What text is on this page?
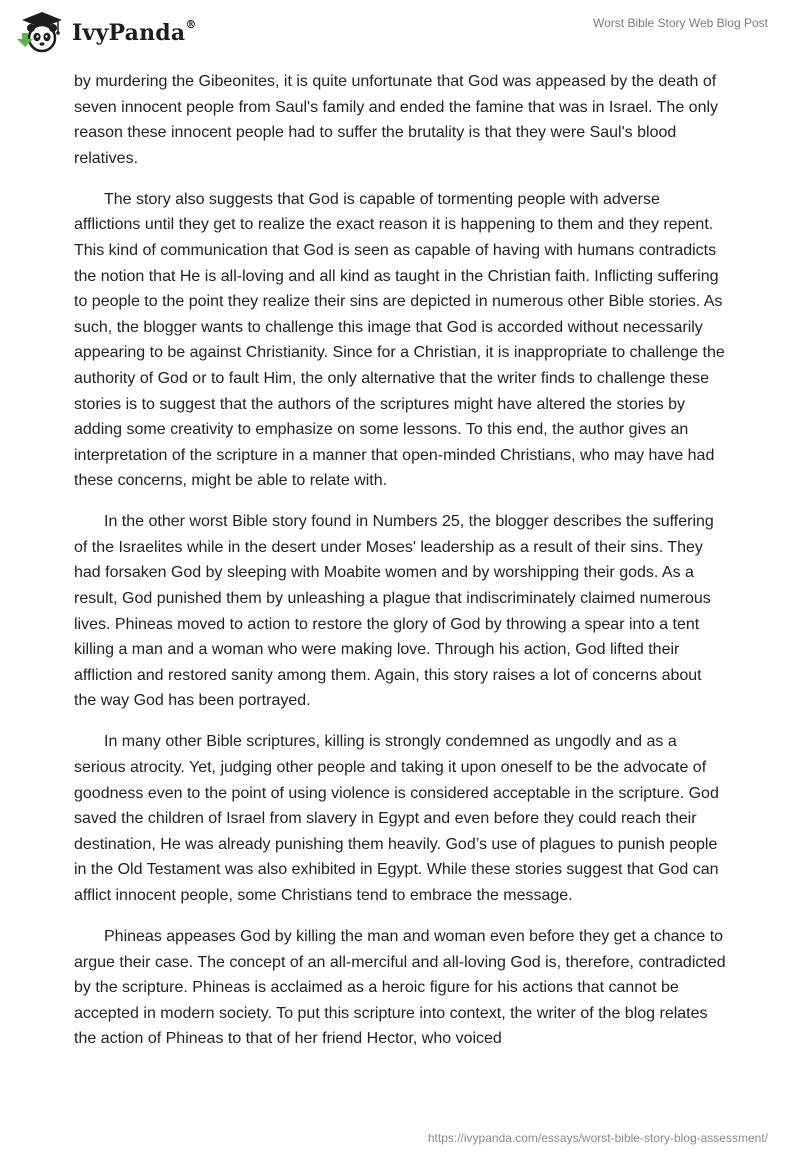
IvyPanda®	Worst Bible Story Web Blog Post

by murdering the Gibeonites, it is quite unfortunate that God was appeased by the death of seven innocent people from Saul's family and ended the famine that was in Israel. The only reason these innocent people had to suffer the brutality is that they were Saul's blood relatives.

The story also suggests that God is capable of tormenting people with adverse afflictions until they get to realize the exact reason it is happening to them and they repent. This kind of communication that God is seen as capable of having with humans contradicts the notion that He is all-loving and all kind as taught in the Christian faith. Inflicting suffering to people to the point they realize their sins are depicted in numerous other Bible stories. As such, the blogger wants to challenge this image that God is accorded without necessarily appearing to be against Christianity. Since for a Christian, it is inappropriate to challenge the authority of God or to fault Him, the only alternative that the writer finds to challenge these stories is to suggest that the authors of the scriptures might have altered the stories by adding some creativity to emphasize on some lessons. To this end, the author gives an interpretation of the scripture in a manner that open-minded Christians, who may have had these concerns, might be able to relate with.

In the other worst Bible story found in Numbers 25, the blogger describes the suffering of the Israelites while in the desert under Moses' leadership as a result of their sins. They had forsaken God by sleeping with Moabite women and by worshipping their gods. As a result, God punished them by unleashing a plague that indiscriminately claimed numerous lives. Phineas moved to action to restore the glory of God by throwing a spear into a tent killing a man and a woman who were making love. Through his action, God lifted their affliction and restored sanity among them. Again, this story raises a lot of concerns about the way God has been portrayed.

In many other Bible scriptures, killing is strongly condemned as ungodly and as a serious atrocity. Yet, judging other people and taking it upon oneself to be the advocate of goodness even to the point of using violence is considered acceptable in the scripture. God saved the children of Israel from slavery in Egypt and even before they could reach their destination, He was already punishing them heavily. God’s use of plagues to punish people in the Old Testament was also exhibited in Egypt. While these stories suggest that God can afflict innocent people, some Christians tend to embrace the message.

Phineas appeases God by killing the man and woman even before they get a chance to argue their case. The concept of an all-merciful and all-loving God is, therefore, contradicted by the scripture. Phineas is acclaimed as a heroic figure for his actions that cannot be accepted in modern society. To put this scripture into context, the writer of the blog relates the action of Phineas to that of her friend Hector, who voiced

https://ivypanda.com/essays/worst-bible-story-blog-assessment/
